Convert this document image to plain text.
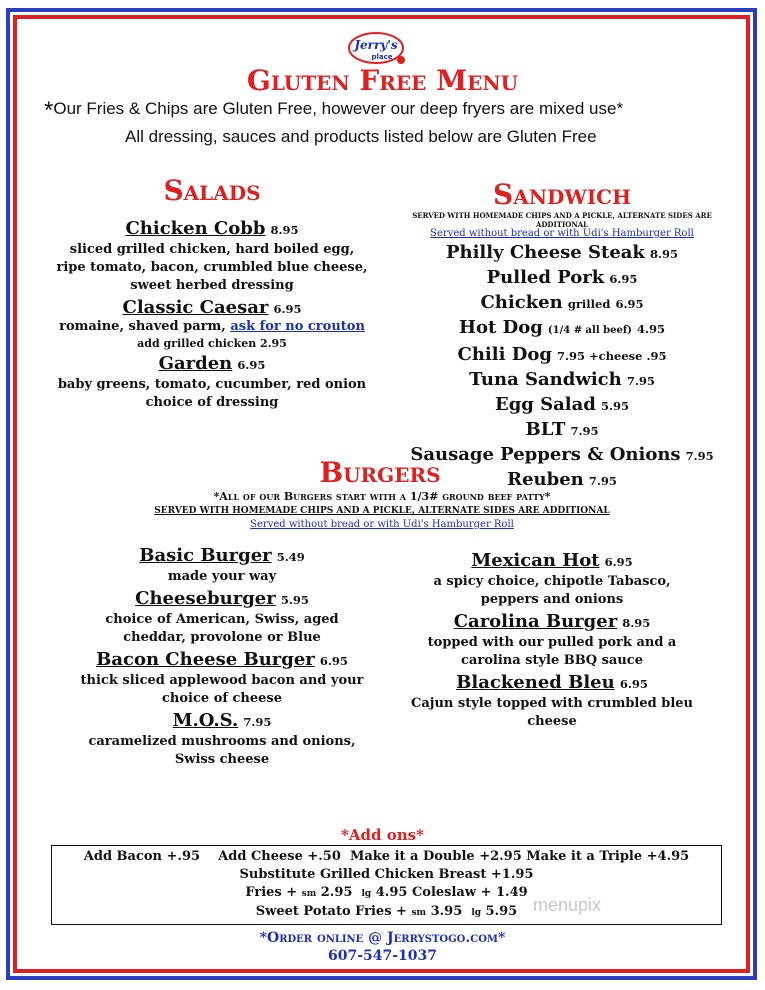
Jerry's
place
Gluten Free Menu
*Our Fries & Chips are Gluten Free, however our deep fryers are mixed use*
All dressing, sauces and products listed below are Gluten Free
Salads
Chicken Cobb 8.95
sliced grilled chicken, hard boiled egg,
ripe tomato, bacon, crumbled blue cheese,
sweet herbed dressing
Classic Caesar 6.95
romaine, shaved parm, ask for no crouton
add grilled chicken 2.95
Garden 6.95
baby greens, tomato, cucumber, red onion
choice of dressing
Sandwich
SERVED WITH HOMEMADE CHIPS AND A PICKLE, ALTERNATE SIDES ARE ADDITIONAL
Served without bread or with Udi's Hamburger Roll
Philly Cheese Steak 8.95
Pulled Pork 6.95
Chicken grilled 6.95
Hot Dog (1/4 # all beef) 4.95
Chili Dog 7.95 +cheese .95
Tuna Sandwich 7.95
Egg Salad 5.95
BLT 7.95
Sausage Peppers & Onions 7.95
Reuben 7.95
Burgers
*All of our Burgers start with a 1/3# ground beef patty*
SERVED WITH HOMEMADE CHIPS AND A PICKLE, ALTERNATE SIDES ARE ADDITIONAL
Served without bread or with Udi's Hamburger Roll
Basic Burger 5.49
made your way
Cheeseburger 5.95
choice of American, Swiss, aged
cheddar, provolone or Blue
Bacon Cheese Burger 6.95
thick sliced applewood bacon and your
choice of cheese
M.O.S. 7.95
caramelized mushrooms and onions,
Swiss cheese
Mexican Hot 6.95
a spicy choice, chipotle Tabasco,
peppers and onions
Carolina Burger 8.95
topped with our pulled pork and a
carolina style BBQ sauce
Blackened Bleu 6.95
Cajun style topped with crumbled bleu
cheese
*Add ons*
Add Bacon +.95    Add Cheese +.50  Make it a Double +2.95 Make it a Triple +4.95
Substitute Grilled Chicken Breast +1.95
Fries + sm 2.95  lg 4.95 Coleslaw + 1.49
Sweet Potato Fries + sm 3.95  lg 5.95 menupix
*Order online @ Jerrystogo.com*
607-547-1037
